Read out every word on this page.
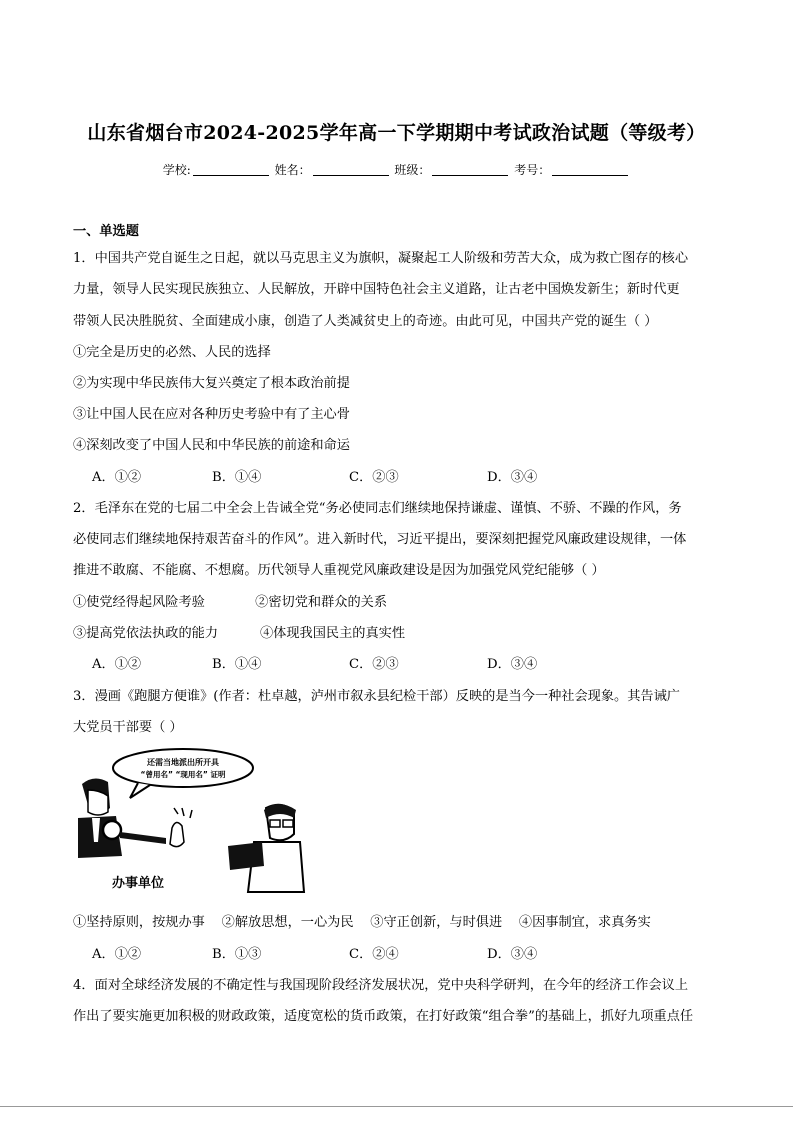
山东省烟台市2024-2025学年高一下学期期中考试政治试题（等级考）
学校:	姓名：	班级：	考号：
一、单选题
1．中国共产党自诞生之日起，就以马克思主义为旗帜，凝聚起工人阶级和劳苦大众，成为救亡图存的核心
力量，领导人民实现民族独立、人民解放，开辟中国特色社会主义道路，让古老中国焕发新生；新时代更
带领人民决胜脱贫、全面建成小康，创造了人类减贫史上的奇迹。由此可见，中国共产党的诞生（ ）
①完全是历史的必然、人民的选择
②为实现中华民族伟大复兴奠定了根本政治前提
③让中国人民在应对各种历史考验中有了主心骨
④深刻改变了中国人民和中华民族的前途和命运
A．①②	B．①④	C．②③	D．③④
2．毛泽东在党的七届二中全会上告诫全党“务必使同志们继续地保持谦虚、谨慎、不骄、不躁的作风，务
必使同志们继续地保持艰苦奋斗的作风”。进入新时代，习近平提出，要深刻把握党风廉政建设规律，一体
推进不敢腐、不能腐、不想腐。历代领导人重视党风廉政建设是因为加强党风党纪能够（ ）
①使党经得起风险考验            ②密切党和群众的关系
③提高党依法执政的能力          ④体现我国民主的真实性
A．①②	B．①④	C．②③	D．③④
3．漫画《跑腿方便谁》(作者：杜卓越，泸州市叙永县纪检干部）反映的是当今一种社会现象。其告诫广
大党员干部要（ ）
还需当地派出所开具
“曾用名” “现用名” 证明
办事单位
①坚持原则，按规办事    ②解放思想，一心为民    ③守正创新，与时俱进    ④因事制宜，求真务实
A．①②	B．①③	C．②④	D．③④
4．面对全球经济发展的不确定性与我国现阶段经济发展状况，党中央科学研判，在今年的经济工作会议上
作出了要实施更加积极的财政政策，适度宽松的货币政策，在打好政策“组合拳”的基础上，抓好九项重点任
